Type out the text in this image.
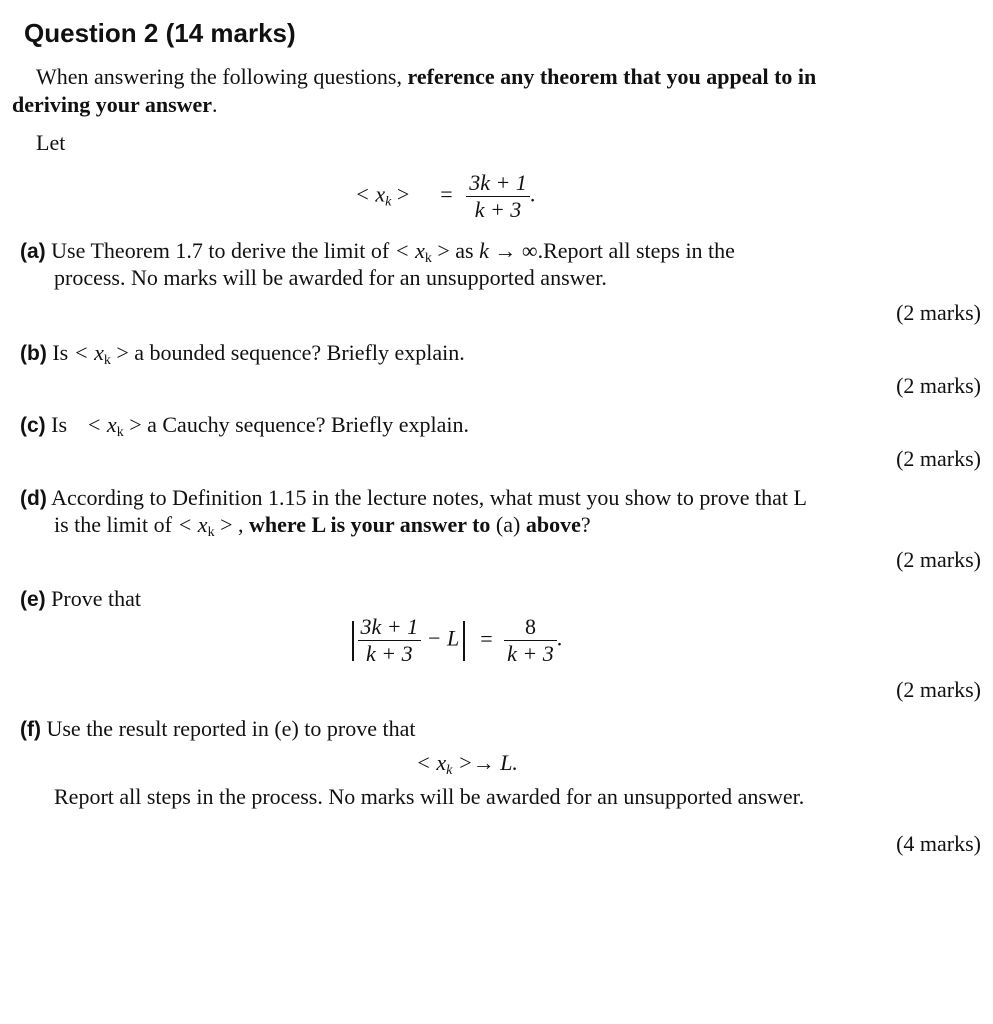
Question 2 (14 marks)
When answering the following questions, reference any theorem that you appeal to in
deriving your answer.
Let
< $x_k$ > = $\frac{3k + 1}{k + 3}$ .
(a) Use Theorem 1.7 to derive the limit of < $x_k$ > as k → ∞.Report all steps in the
process. No marks will be awarded for an unsupported answer.
(2 marks)
(b) $Is < x_k > a$ bounded sequence? Briefly explain.
(2 marks)
(c) $Is < x_k > a$ Cauchy sequence? Briefly explain.
(2 marks)
(d) According to Definition 1.15 in the lecture notes, what must you show to prove that L
is the limit of < $x_k$ > , where L is your answer to (a) above?
(2 marks)
(e) Prove that
$\frac{3k + 1}{k + 3} - L = \frac{8}{k + 3}$ .
(2 marks)
(f) Use the result reported in (e) to prove that
< $x_k >\to L$.
Report all steps in the process. No marks will be awarded for an unsupported answer.
(4 marks)
